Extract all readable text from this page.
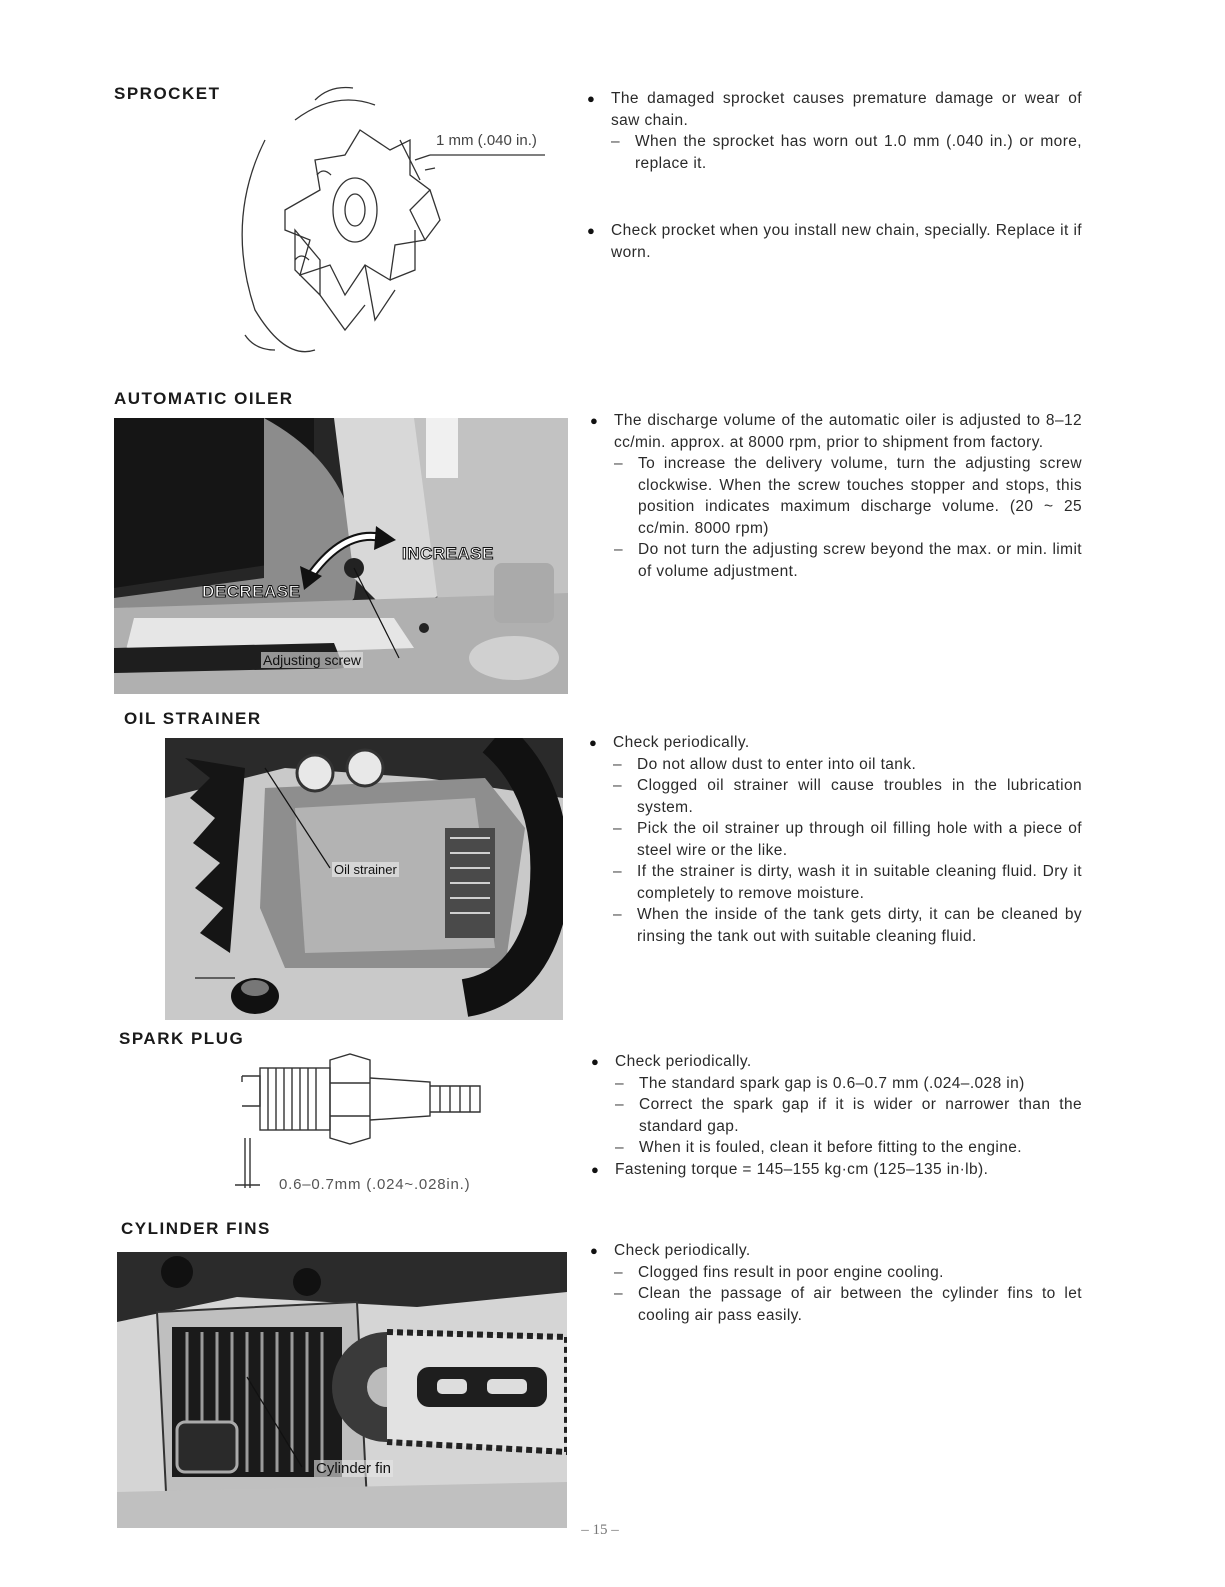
SPROCKET
1 mm (.040 in.)
● The damaged sprocket causes premature damage or wear of saw chain.
– When the sprocket has worn out 1.0 mm (.040 in.) or more, replace it.
● Check procket when you install new chain, specially. Replace it if worn.
AUTOMATIC OILER
INCREASE
DECREASE
Adjusting screw
● The discharge volume of the automatic oiler is adjusted to 8–12 cc/min. approx. at 8000 rpm, prior to shipment from factory.
– To increase the delivery volume, turn the adjusting screw clockwise. When the screw touches stopper and stops, this position indicates maximum discharge volume. (20 ~ 25 cc/min. 8000 rpm)
– Do not turn the adjusting screw beyond the max. or min. limit of volume adjustment.
OIL STRAINER
Oil strainer
● Check periodically.
– Do not allow dust to enter into oil tank.
– Clogged oil strainer will cause troubles in the lubrication system.
– Pick the oil strainer up through oil filling hole with a piece of steel wire or the like.
– If the strainer is dirty, wash it in suitable cleaning fluid. Dry it completely to remove moisture.
– When the inside of the tank gets dirty, it can be cleaned by rinsing the tank out with suitable cleaning fluid.
SPARK PLUG
0.6–0.7mm (.024~.028in.)
● Check periodically.
– The standard spark gap is 0.6–0.7 mm (.024–.028 in)
– Correct the spark gap if it is wider or narrower than the standard gap.
– When it is fouled, clean it before fitting to the engine.
● Fastening torque = 145–155 kg·cm (125–135 in·lb).
CYLINDER FINS
Cylinder fin
● Check periodically.
– Clogged fins result in poor engine cooling.
– Clean the passage of air between the cylinder fins to let cooling air pass easily.
– 15 –
